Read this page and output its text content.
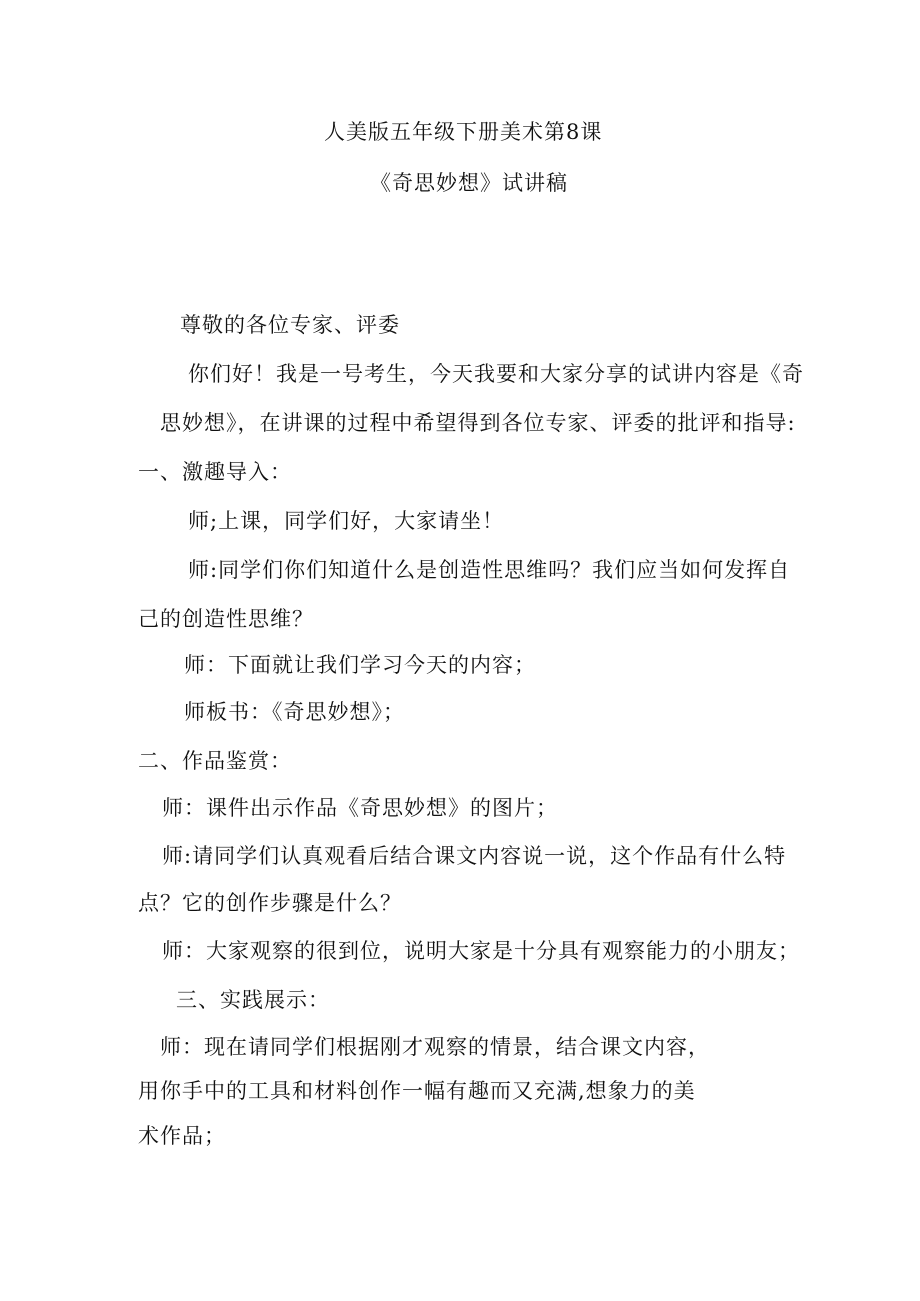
人美版五年级下册美术第8课
《奇思妙想》试讲稿
尊敬的各位专家、评委
你们好！我是一号考生，今天我要和大家分享的试讲内容是《奇
思妙想》，在讲课的过程中希望得到各位专家、评委的批评和指导:
一、激趣导入：
师;上课，同学们好，大家请坐！
师:同学们你们知道什么是创造性思维吗？我们应当如何发挥自
己的创造性思维？
师：下面就让我们学习今天的内容；
师板书：《奇思妙想》；
二、作品鉴赏：
师：课件出示作品《奇思妙想》的图片；
师:请同学们认真观看后结合课文内容说一说，这个作品有什么特
点？它的创作步骤是什么？
师：大家观察的很到位，说明大家是十分具有观察能力的小朋友；
三、实践展示：
师：现在请同学们根据刚才观察的情景，结合课文内容，
用你手中的工具和材料创作一幅有趣而又充满,想象力的美
术作品；
